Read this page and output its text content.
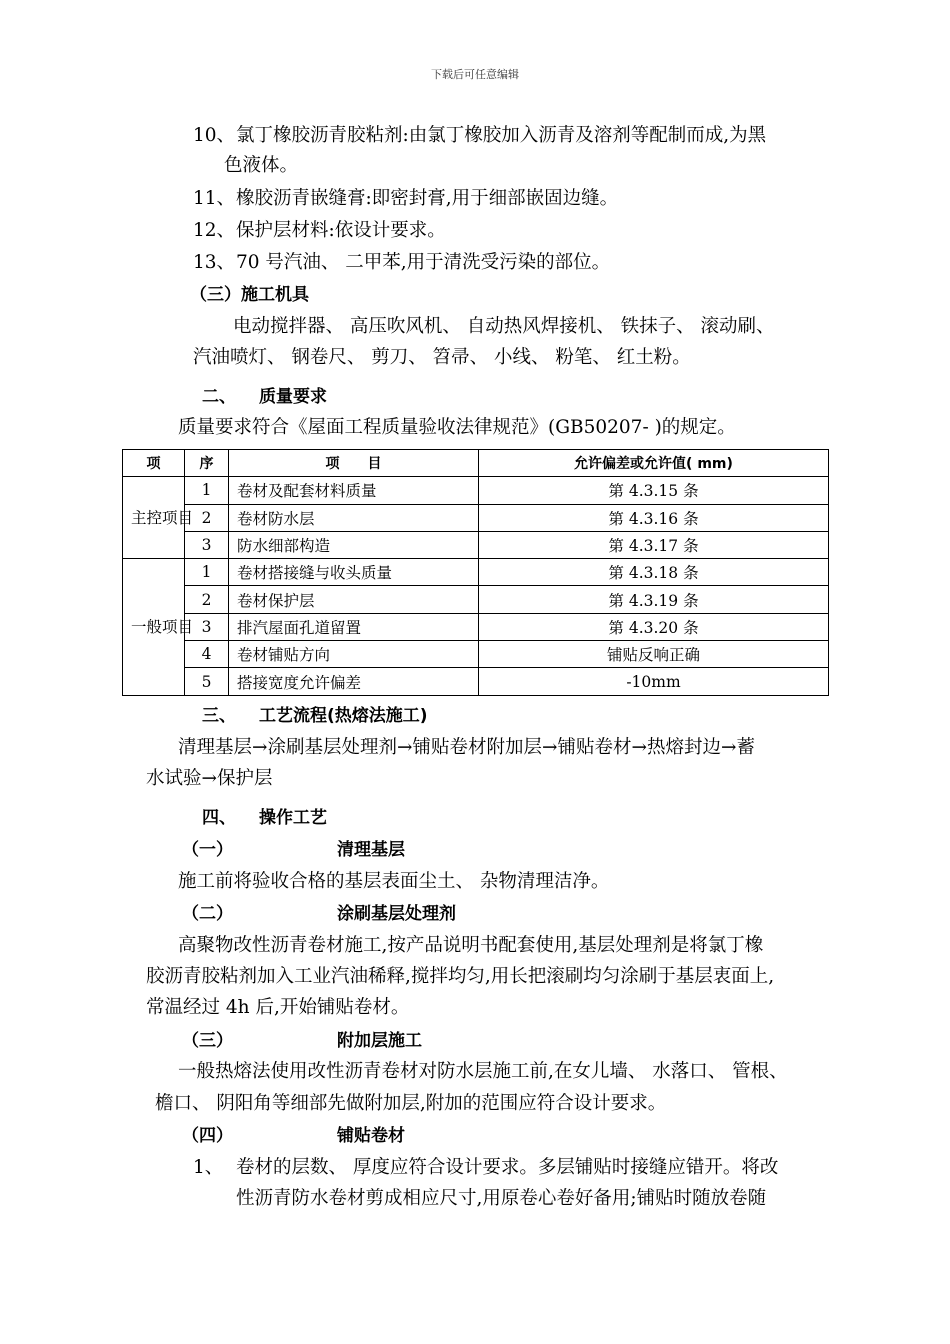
下载后可任意编辑
10、 氯丁橡胶沥青胶粘剂:由氯丁橡胶加入沥青及溶剂等配制而成,为黑
色液体。
11、 橡胶沥青嵌缝膏:即密封膏,用于细部嵌固边缝。
12、 保护层材料:依设计要求。
13、 70 号汽油、 二甲苯,用于清洗受污染的部位。
（三）施工机具
电动搅拌器、 高压吹风机、 自动热风焊接机、 铁抹子、 滚动刷、
汽油喷灯、 钢卷尺、 剪刀、 笤帚、 小线、 粉笔、 红土粉。
二、 质量要求
质量要求符合《屋面工程质量验收法律规范》(GB50207- )的规定。
项	序	项　　目	允许偏差或允许值( mm)
主控项目	1	卷材及配套材料质量	第 4.3.15 条
	2	卷材防水层	第 4.3.16 条
	3	防水细部构造	第 4.3.17 条
一般项目	1	卷材搭接缝与收头质量	第 4.3.18 条
	2	卷材保护层	第 4.3.19 条
	3	排汽屋面孔道留置	第 4.3.20 条
	4	卷材铺贴方向	铺贴反响正确
	5	搭接宽度允许偏差	-10mm
三、 工艺流程(热熔法施工)
清理基层→涂刷基层处理剂→铺贴卷材附加层→铺贴卷材→热熔封边→蓄
水试验→保护层
四、 操作工艺
（一）	清理基层
施工前将验收合格的基层表面尘土、 杂物清理洁净。
（二）	涂刷基层处理剂
高聚物改性沥青卷材施工,按产品说明书配套使用,基层处理剂是将氯丁橡
胶沥青胶粘剂加入工业汽油稀释,搅拌均匀,用长把滚刷均匀涂刷于基层衷面上,
常温经过 4h 后,开始铺贴卷材。
（三）	附加层施工
一般热熔法使用改性沥青卷材对防水层施工前,在女儿墙、 水落口、 管根、
檐口、 阴阳角等细部先做附加层,附加的范围应符合设计要求。
（四）	铺贴卷材
1、 卷材的层数、 厚度应符合设计要求。多层铺贴时接缝应错开。将改
性沥青防水卷材剪成相应尺寸,用原卷心卷好备用;铺贴时随放卷随
